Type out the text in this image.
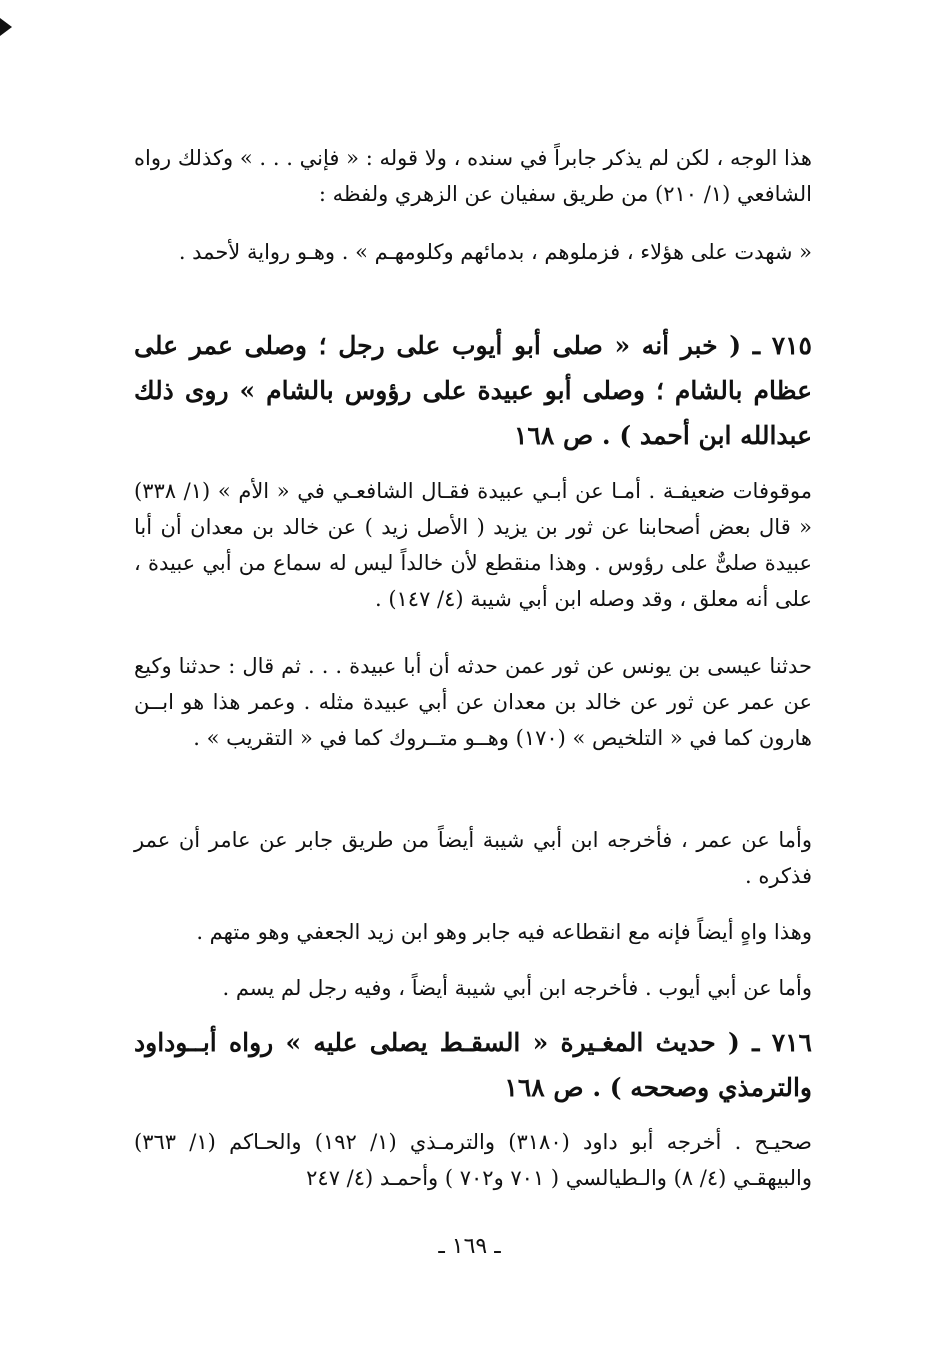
هذا الوجه ، لكن لم يذكر جابراً في سنده ، ولا قوله : « فإني . . . » وكذلك رواه الشافعي (١/ ٢١٠) من طريق سفيان عن الزهري ولفظه :

« شهدت على هؤلاء ، فزملوهم ، بدمائهم وكلومهـم » . وهـو رواية لأحمد .

٧١٥ ـ ( خبر أنه « صلى أبو أيوب على رجل ؛ وصلى عمر على عظام بالشام ؛ وصلى أبو عبيدة على رؤوس بالشام » روى ذلك عبدالله ابن أحمد ) . ص ١٦٨

موقوفات ضعيفـة . أمـا عن أبـي عبيدة فقـال الشافعـي في « الأم » (١/ ٣٣٨) « قال بعض أصحابنا عن ثور بن يزيد ( الأصل زيد ) عن خالد بن معدان أن أبا عبيدة صلىٌّ على رؤوس . وهذا منقطع لأن خالداً ليس له سماع من أبي عبيدة ، على أنه معلق ، وقد وصله ابن أبي شيبة (٤/ ١٤٧) .

حدثنا عيسى بن يونس عن ثور عمن حدثه أن أبا عبيدة . . . ثم قال : حدثنا وكيع عن عمر عن ثور عن خالد بن معدان عن أبي عبيدة مثله . وعمر هذا هو ابــن هارون كما في « التلخيص » (١٧٠) وهــو متــروك كما في « التقريب » .

وأما عن عمر ، فأخرجه ابن أبي شيبة أيضاً من طريق جابر عن عامر أن عمر فذكره .

وهذا واهٍ أيضاً فإنه مع انقطاعه فيه جابر وهو ابن زيد الجعفي وهو متهم .

وأما عن أبي أيوب . فأخرجه ابن أبي شيبة أيضاً ، وفيه رجل لم يسم .

٧١٦ ـ ( حديث المغـيرة « السقـط يصلى عليه » رواه أبــوداود والترمذي وصححه ) . ص ١٦٨

صحيـح . أخرجه أبو داود (٣١٨٠) والترمـذي (١/ ١٩٢) والحـاكم (١/ ٣٦٣) والبيهقـي (٤/ ٨) والـطيالسي ( ٧٠١ و٧٠٢ ) وأحمـد (٤/ ٢٤٧

ـ ١٦٩ ـ
